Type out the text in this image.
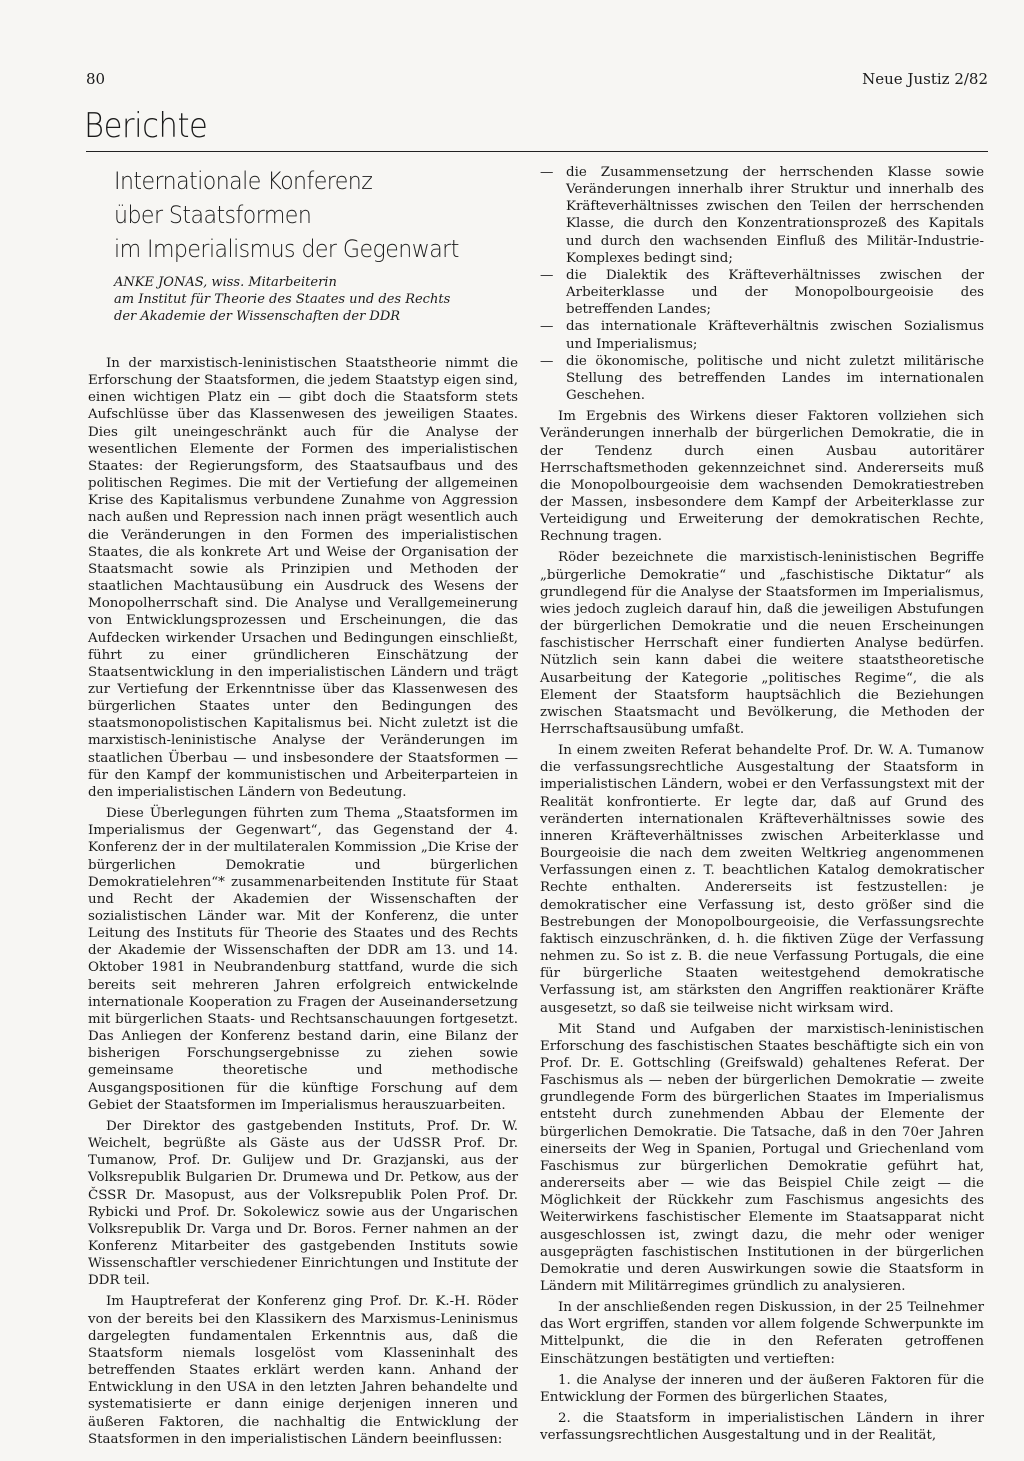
80	Neue Justiz 2/82
Berichte
Internationale Konferenz
über Staatsformen
im Imperialismus der Gegenwart
ANKE JONAS, wiss. Mitarbeiterin
am Institut für Theorie des Staates und des Rechts
der Akademie der Wissenschaften der DDR

In der marxistisch-leninistischen Staatstheorie nimmt die Erforschung der Staatsformen, die jedem Staatstyp eigen sind, einen wichtigen Platz ein — gibt doch die Staatsform stets Aufschlüsse über das Klassenwesen des jeweiligen Staates. Dies gilt uneingeschränkt auch für die Analyse der wesentlichen Elemente der Formen des imperialistischen Staates: der Regierungsform, des Staatsaufbaus und des politischen Regimes. Die mit der Vertiefung der allgemeinen Krise des Kapitalismus verbundene Zunahme von Aggression nach außen und Repression nach innen prägt wesentlich auch die Veränderungen in den Formen des imperialistischen Staates, die als konkrete Art und Weise der Organisation der Staatsmacht sowie als Prinzipien und Methoden der staatlichen Machtausübung ein Ausdruck des Wesens der Monopolherrschaft sind. Die Analyse und Verallgemeinerung von Entwicklungsprozessen und Erscheinungen, die das Aufdecken wirkender Ursachen und Bedingungen einschließt, führt zu einer gründlicheren Einschätzung der Staatsentwicklung in den imperialistischen Ländern und trägt zur Vertiefung der Erkenntnisse über das Klassenwesen des bürgerlichen Staates unter den Bedingungen des staatsmonopolistischen Kapitalismus bei. Nicht zuletzt ist die marxistisch-leninistische Analyse der Veränderungen im staatlichen Überbau — und insbesondere der Staatsformen — für den Kampf der kommunistischen und Arbeiterparteien in den imperialistischen Ländern von Bedeutung.

Diese Überlegungen führten zum Thema „Staatsformen im Imperialismus der Gegenwart“, das Gegenstand der 4. Konferenz der in der multilateralen Kommission „Die Krise der bürgerlichen Demokratie und bürgerlichen Demokratielehren“* zusammenarbeitenden Institute für Staat und Recht der Akademien der Wissenschaften der sozialistischen Länder war. Mit der Konferenz, die unter Leitung des Instituts für Theorie des Staates und des Rechts der Akademie der Wissenschaften der DDR am 13. und 14. Oktober 1981 in Neubrandenburg stattfand, wurde die sich bereits seit mehreren Jahren erfolgreich entwickelnde internationale Kooperation zu Fragen der Auseinandersetzung mit bürgerlichen Staats- und Rechtsanschauungen fortgesetzt. Das Anliegen der Konferenz bestand darin, eine Bilanz der bisherigen Forschungsergebnisse zu ziehen sowie gemeinsame theoretische und methodische Ausgangspositionen für die künftige Forschung auf dem Gebiet der Staatsformen im Imperialismus herauszuarbeiten.

Der Direktor des gastgebenden Instituts, Prof. Dr. W. Weichelt, begrüßte als Gäste aus der UdSSR Prof. Dr. Tumanow, Prof. Dr. Gulijew und Dr. Grazjanski, aus der Volksrepublik Bulgarien Dr. Drumewa und Dr. Petkow, aus der ČSSR Dr. Masopust, aus der Volksrepublik Polen Prof. Dr. Rybicki und Prof. Dr. Sokolewicz sowie aus der Ungarischen Volksrepublik Dr. Varga und Dr. Boros. Ferner nahmen an der Konferenz Mitarbeiter des gastgebenden Instituts sowie Wissenschaftler verschiedener Einrichtungen und Institute der DDR teil.

Im Hauptreferat der Konferenz ging Prof. Dr. K.-H. Röder von der bereits bei den Klassikern des Marxismus-Leninismus dargelegten fundamentalen Erkenntnis aus, daß die Staatsform niemals losgelöst vom Klasseninhalt des betreffenden Staates erklärt werden kann. Anhand der Entwicklung in den USA in den letzten Jahren behandelte und systematisierte er dann einige derjenigen inneren und äußeren Faktoren, die nachhaltig die Entwicklung der Staatsformen in den imperialistischen Ländern beeinflussen:

— die Zusammensetzung der herrschenden Klasse sowie Veränderungen innerhalb ihrer Struktur und innerhalb des Kräfteverhältnisses zwischen den Teilen der herrschenden Klasse, die durch den Konzentrationsprozeß des Kapitals und durch den wachsenden Einfluß des Militär-Industrie-Komplexes bedingt sind;
— die Dialektik des Kräfteverhältnisses zwischen der Arbeiterklasse und der Monopolbourgeoisie des betreffenden Landes;
— das internationale Kräfteverhältnis zwischen Sozialismus und Imperialismus;
— die ökonomische, politische und nicht zuletzt militärische Stellung des betreffenden Landes im internationalen Geschehen.

Im Ergebnis des Wirkens dieser Faktoren vollziehen sich Veränderungen innerhalb der bürgerlichen Demokratie, die in der Tendenz durch einen Ausbau autoritärer Herrschaftsmethoden gekennzeichnet sind. Andererseits muß die Monopolbourgeoisie dem wachsenden Demokratiestreben der Massen, insbesondere dem Kampf der Arbeiterklasse zur Verteidigung und Erweiterung der demokratischen Rechte, Rechnung tragen.

Röder bezeichnete die marxistisch-leninistischen Begriffe „bürgerliche Demokratie“ und „faschistische Diktatur“ als grundlegend für die Analyse der Staatsformen im Imperialismus, wies jedoch zugleich darauf hin, daß die jeweiligen Abstufungen der bürgerlichen Demokratie und die neuen Erscheinungen faschistischer Herrschaft einer fundierten Analyse bedürfen. Nützlich sein kann dabei die weitere staatstheoretische Ausarbeitung der Kategorie „politisches Regime“, die als Element der Staatsform hauptsächlich die Beziehungen zwischen Staatsmacht und Bevölkerung, die Methoden der Herrschaftsausübung umfaßt.

In einem zweiten Referat behandelte Prof. Dr. W. A. Tumanow die verfassungsrechtliche Ausgestaltung der Staatsform in imperialistischen Ländern, wobei er den Verfassungstext mit der Realität konfrontierte. Er legte dar, daß auf Grund des veränderten internationalen Kräfteverhältnisses sowie des inneren Kräfteverhältnisses zwischen Arbeiterklasse und Bourgeoisie die nach dem zweiten Weltkrieg angenommenen Verfassungen einen z. T. beachtlichen Katalog demokratischer Rechte enthalten. Andererseits ist festzustellen: je demokratischer eine Verfassung ist, desto größer sind die Bestrebungen der Monopolbourgeoisie, die Verfassungsrechte faktisch einzuschränken, d. h. die fiktiven Züge der Verfassung nehmen zu. So ist z. B. die neue Verfassung Portugals, die eine für bürgerliche Staaten weitestgehend demokratische Verfassung ist, am stärksten den Angriffen reaktionärer Kräfte ausgesetzt, so daß sie teilweise nicht wirksam wird.

Mit Stand und Aufgaben der marxistisch-leninistischen Erforschung des faschistischen Staates beschäftigte sich ein von Prof. Dr. E. Gottschling (Greifswald) gehaltenes Referat. Der Faschismus als — neben der bürgerlichen Demokratie — zweite grundlegende Form des bürgerlichen Staates im Imperialismus entsteht durch zunehmenden Abbau der Elemente der bürgerlichen Demokratie. Die Tatsache, daß in den 70er Jahren einerseits der Weg in Spanien, Portugal und Griechenland vom Faschismus zur bürgerlichen Demokratie geführt hat, andererseits aber — wie das Beispiel Chile zeigt — die Möglichkeit der Rückkehr zum Faschismus angesichts des Weiterwirkens faschistischer Elemente im Staatsapparat nicht ausgeschlossen ist, zwingt dazu, die mehr oder weniger ausgeprägten faschistischen Institutionen in der bürgerlichen Demokratie und deren Auswirkungen sowie die Staatsform in Ländern mit Militärregimes gründlich zu analysieren.

In der anschließenden regen Diskussion, in der 25 Teilnehmer das Wort ergriffen, standen vor allem folgende Schwerpunkte im Mittelpunkt, die die in den Referaten getroffenen Einschätzungen bestätigten und vertieften:

1. die Analyse der inneren und der äußeren Faktoren für die Entwicklung der Formen des bürgerlichen Staates,

2. die Staatsform in imperialistischen Ländern in ihrer verfassungsrechtlichen Ausgestaltung und in der Realität,
